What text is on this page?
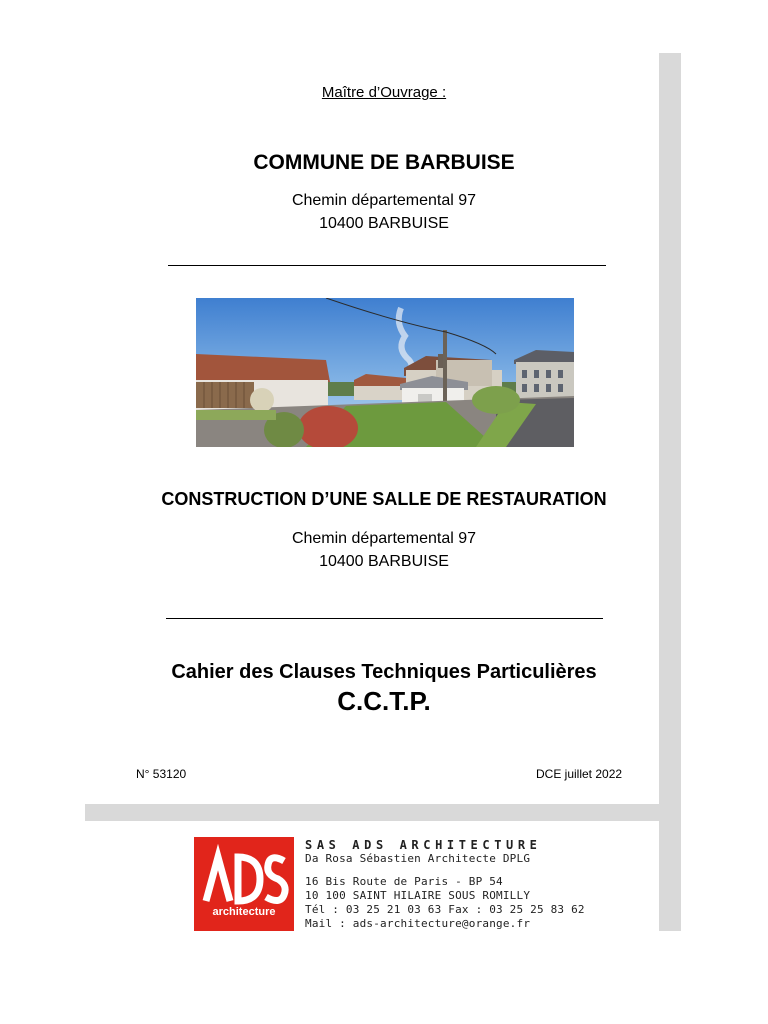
Maître d’Ouvrage :
COMMUNE DE BARBUISE
Chemin départemental 97
10400 BARBUISE
CONSTRUCTION D’UNE SALLE DE RESTAURATION
Chemin départemental 97
10400 BARBUISE
Cahier des Clauses Techniques Particulières
C.C.T.P.
N° 53120	DCE juillet 2022
architecture
SAS ADS ARCHITECTURE
Da Rosa Sébastien Architecte DPLG
16 Bis Route de Paris - BP 54
10 100 SAINT HILAIRE SOUS ROMILLY
Tél : 03 25 21 03 63 Fax : 03 25 25 83 62
Mail : ads-architecture@orange.fr
